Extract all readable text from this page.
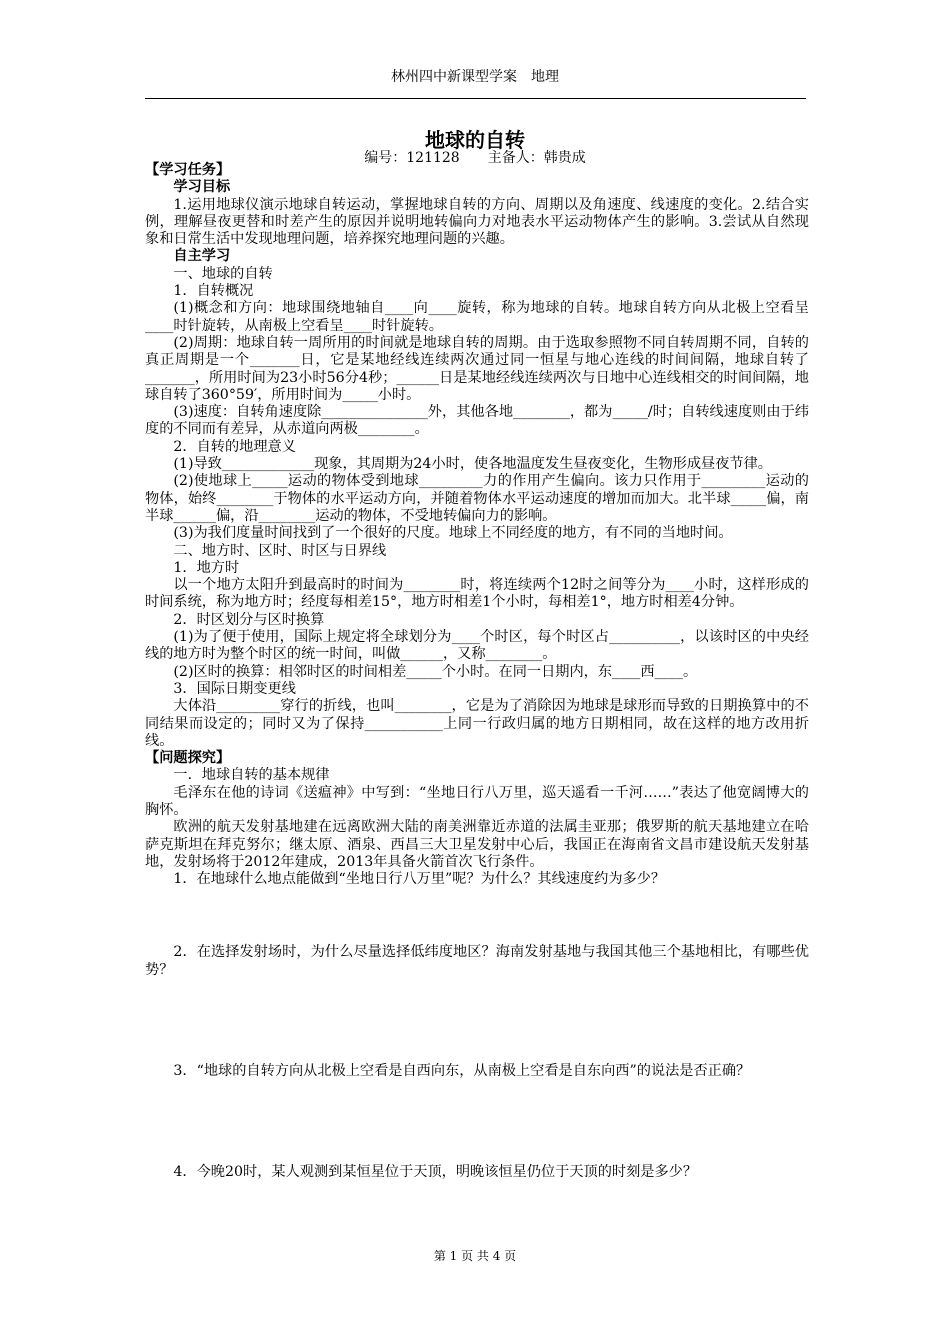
林州四中新课型学案　地理
地球的自转
编号：121128　　主备人：韩贵成

【学习任务】

学习目标

1.运用地球仪演示地球自转运动，掌握地球自转的方向、周期以及角速度、线速度的变化。2.结合实例，理解昼夜更替和时差产生的原因并说明地转偏向力对地表水平运动物体产生的影响。3.尝试从自然现象和日常生活中发现地理问题，培养探究地理问题的兴趣。

自主学习

一、地球的自转

1．自转概况

(1)概念和方向：地球围绕地轴自____向____旋转，称为地球的自转。地球自转方向从北极上空看呈____时针旋转，从南极上空看呈____时针旋转。

(2)周期：地球自转一周所用的时间就是地球自转的周期。由于选取参照物不同自转周期不同，自转的真正周期是一个_______日，它是某地经线连续两次通过同一恒星与地心连线的时间间隔，地球自转了_______，所用时间为23小时56分4秒；______日是某地经线连续两次与日地中心连线相交的时间间隔，地球自转了360°59′，所用时间为_____小时。

(3)速度：自转角速度除_______________外，其他各地________，都为_____/时；自转线速度则由于纬度的不同而有差异，从赤道向两极________。

2．自转的地理意义

(1)导致_____________现象，其周期为24小时，使各地温度发生昼夜变化，生物形成昼夜节律。

(2)使地球上_____运动的物体受到地球_________力的作用产生偏向。该力只作用于_________运动的物体，始终________于物体的水平运动方向，并随着物体水平运动速度的增加而加大。北半球_____偏，南半球______偏，沿________运动的物体，不受地转偏向力的影响。

(3)为我们度量时间找到了一个很好的尺度。地球上不同经度的地方，有不同的当地时间。

二、地方时、区时、时区与日界线

1．地方时

以一个地方太阳升到最高时的时间为________时，将连续两个12时之间等分为____小时，这样形成的时间系统，称为地方时；经度每相差15°，地方时相差1个小时，每相差1°，地方时相差4分钟。

2．时区划分与区时换算

(1)为了便于使用，国际上规定将全球划分为____个时区，每个时区占__________，以该时区的中央经线的地方时为整个时区的统一时间，叫做______，又称________。

(2)区时的换算：相邻时区的时间相差_____个小时。在同一日期内，东____西____。

3．国际日期变更线

大体沿_________穿行的折线，也叫________，它是为了消除因为地球是球形而导致的日期换算中的不同结果而设定的；同时又为了保持___________上同一行政归属的地方日期相同，故在这样的地方改用折线。

【问题探究】

一．地球自转的基本规律

毛泽东在他的诗词《送瘟神》中写到：“坐地日行八万里，巡天遥看一千河……”表达了他宽阔博大的胸怀。

欧洲的航天发射基地建在远离欧洲大陆的南美洲靠近赤道的法属圭亚那；俄罗斯的航天基地建立在哈萨克斯坦在拜克努尔；继太原、酒泉、西昌三大卫星发射中心后，我国正在海南省文昌市建设航天发射基地，发射场将于2012年建成，2013年具备火箭首次飞行条件。

1．在地球什么地点能做到“坐地日行八万里”呢？为什么？其线速度约为多少？

2．在选择发射场时，为什么尽量选择低纬度地区？海南发射基地与我国其他三个基地相比，有哪些优势？

3．“地球的自转方向从北极上空看是自西向东，从南极上空看是自东向西”的说法是否正确？

4．今晚20时，某人观测到某恒星位于天顶，明晚该恒星仍位于天顶的时刻是多少？

第 1 页 共 4 页
